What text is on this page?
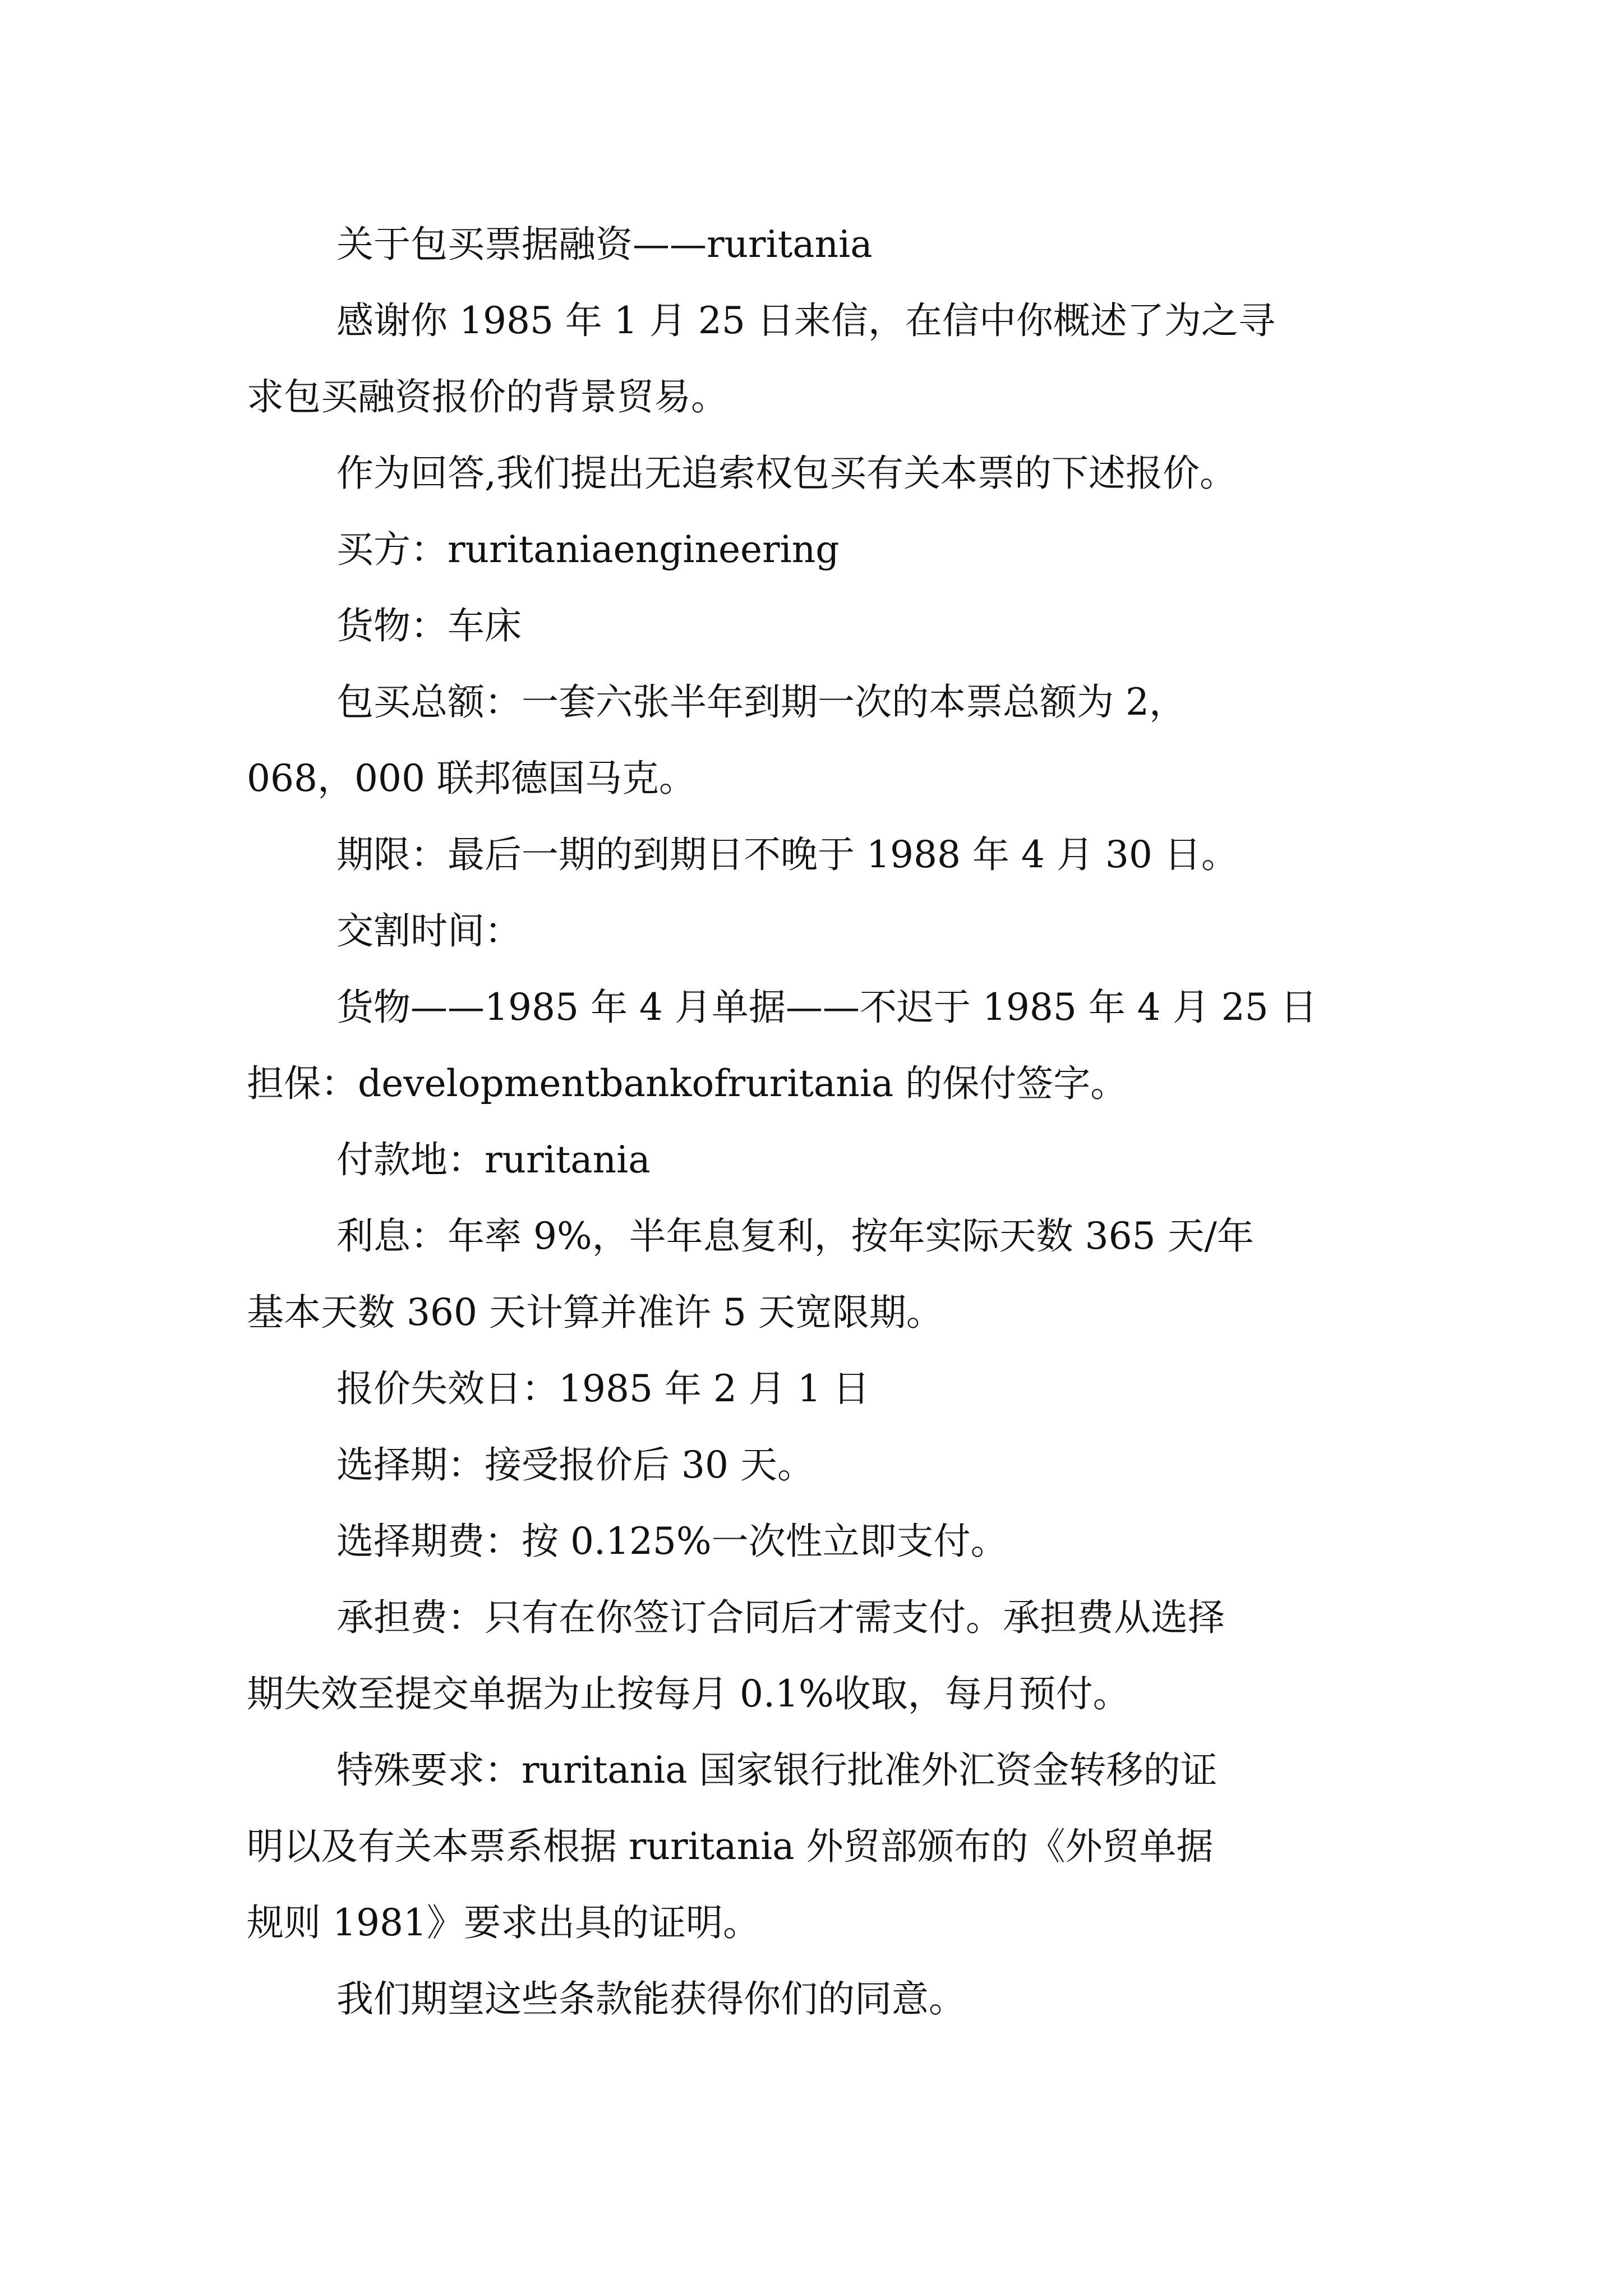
关于包买票据融资——ruritania
感谢你 1985 年 1 月 25 日来信，在信中你概述了为之寻
求包买融资报价的背景贸易。
作为回答,我们提出无追索权包买有关本票的下述报价。
买方：ruritaniaengineering
货物：车床
包买总额：一套六张半年到期一次的本票总额为 2，
068，000 联邦德国马克。
期限：最后一期的到期日不晚于 1988 年 4 月 30 日。
交割时间：
货物——1985 年 4 月单据——不迟于 1985 年 4 月 25 日
担保：developmentbankofruritania 的保付签字。
付款地：ruritania
利息：年率 9%，半年息复利，按年实际天数 365 天/年
基本天数 360 天计算并准许 5 天宽限期。
报价失效日：1985 年 2 月 1 日
选择期：接受报价后 30 天。
选择期费：按 0.125%一次性立即支付。
承担费：只有在你签订合同后才需支付。承担费从选择
期失效至提交单据为止按每月 0.1%收取，每月预付。
特殊要求：ruritania 国家银行批准外汇资金转移的证
明以及有关本票系根据 ruritania 外贸部颁布的《外贸单据
规则 1981》要求出具的证明。
我们期望这些条款能获得你们的同意。
